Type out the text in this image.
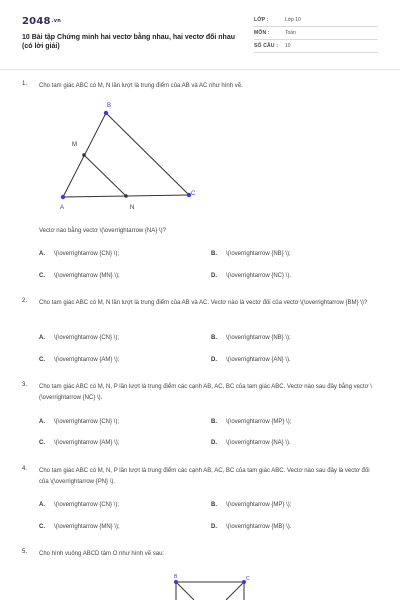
2048.vn
10 Bài tập Chứng minh hai vectơ bằng nhau, hai vectơ đối nhau (có lời giải)
LỚP :	Lớp 10
MÔN :	Toán
SỐ CÂU : 10
1. Cho tam giác ABC có M, N lần lượt là trung điểm của AB và AC như hình vẽ.
B
A
C
M
N
Vectơ nào bằng vectơ \(\overrightarrow {NA} \)?
A. \(\overrightarrow {CN} \);	B. \(\overrightarrow {NB} \);
C. \(\overrightarrow {MN} \);	D. \(\overrightarrow {NC} \).
2. Cho tam giác ABC có M, N lần lượt là trung điểm của AB và AC. Vectơ nào là vectơ đối của vectơ \(\overrightarrow {BM} \)?
A. \(\overrightarrow {CN} \);	B. \(\overrightarrow {NB} \);
C. \(\overrightarrow {AM} \);	D. \(\overrightarrow {AN} \).
3. Cho tam giác ABC có M, N, P lần lượt là trung điểm các cạnh AB, AC, BC của tam giác ABC. Vectơ nào sau đây bằng vectơ \(\overrightarrow {NC} \).
A. \(\overrightarrow {CN} \);	B. \(\overrightarrow {MP} \);
C. \(\overrightarrow {AM} \);	D. \(\overrightarrow {NA} \).
4. Cho tam giác ABC có M, N, P lần lượt là trung điểm các cạnh AB, AC, BC của tam giác ABC. Vectơ nào sau đây là vectơ đối của \(\overrightarrow {PN} \).
A. \(\overrightarrow {CN} \);	B. \(\overrightarrow {MP} \);
C. \(\overrightarrow {MN} \);	D. \(\overrightarrow {MB} \).
5. Cho hình vuông ABCD tâm O như hình vẽ sau:
B	C
